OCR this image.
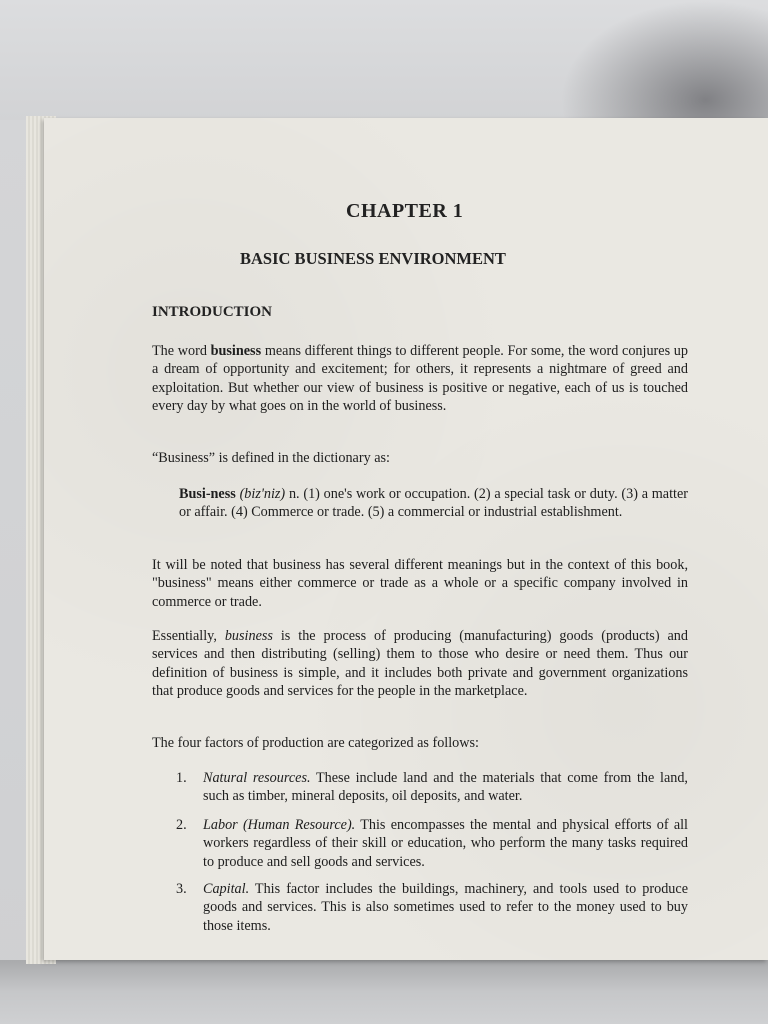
CHAPTER 1
BASIC BUSINESS ENVIRONMENT
INTRODUCTION
The word business means different things to different people. For some, the word conjures up a dream of opportunity and excitement; for others, it represents a nightmare of greed and exploitation. But whether our view of business is positive or negative, each of us is touched every day by what goes on in the world of business.
“Business” is defined in the dictionary as:
Busi-ness (biz'niz) n. (1) one's work or occupation. (2) a special task or duty. (3) a matter or affair. (4) Commerce or trade. (5) a commercial or industrial establishment.
It will be noted that business has several different meanings but in the context of this book, "business" means either commerce or trade as a whole or a specific company involved in commerce or trade.
Essentially, business is the process of producing (manufacturing) goods (products) and services and then distributing (selling) them to those who desire or need them. Thus our definition of business is simple, and it includes both private and government organizations that produce goods and services for the people in the marketplace.
The four factors of production are categorized as follows:
1. Natural resources. These include land and the materials that come from the land, such as timber, mineral deposits, oil deposits, and water.
2. Labor (Human Resource). This encompasses the mental and physical efforts of all workers regardless of their skill or education, who perform the many tasks required to produce and sell goods and services.
3. Capital. This factor includes the buildings, machinery, and tools used to produce goods and services. This is also sometimes used to refer to the money used to buy those items.
